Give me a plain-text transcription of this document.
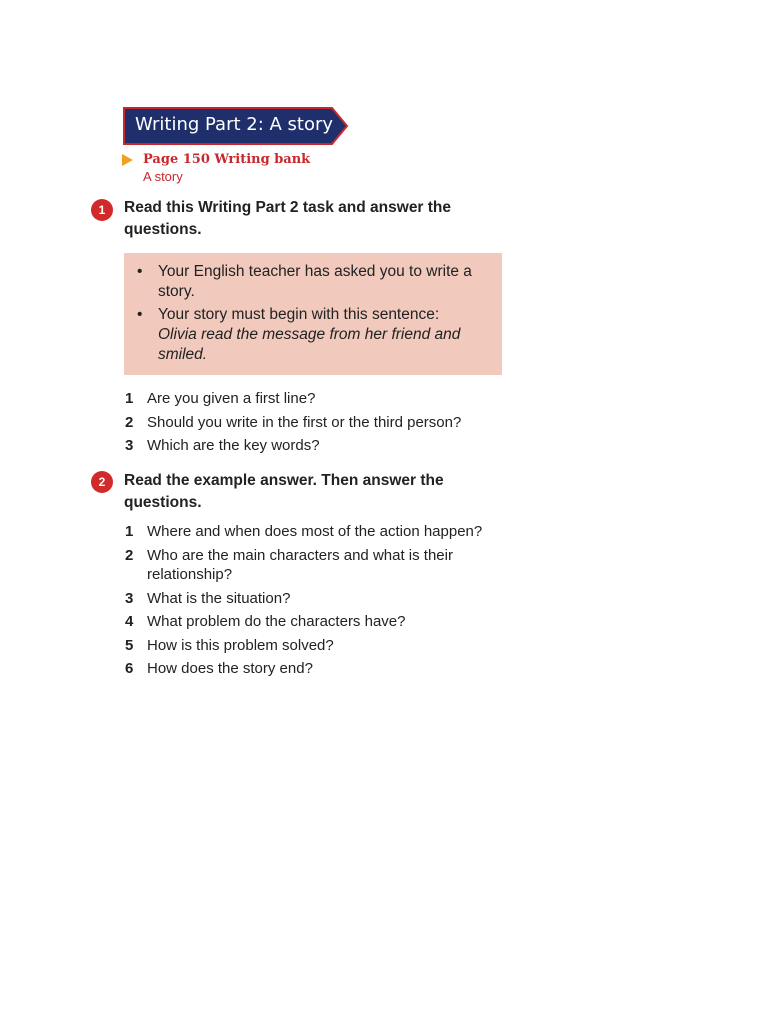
Writing Part 2: A story
Page 150 Writing bank
A story
1	Read this Writing Part 2 task and answer the questions.
• Your English teacher has asked you to write a story.
• Your story must begin with this sentence:
Olivia read the message from her friend and smiled.
1 Are you given a first line?
2 Should you write in the first or the third person?
3 Which are the key words?
2	Read the example answer. Then answer the questions.
1 Where and when does most of the action happen?
2 Who are the main characters and what is their relationship?
3 What is the situation?
4 What problem do the characters have?
5 How is this problem solved?
6 How does the story end?
